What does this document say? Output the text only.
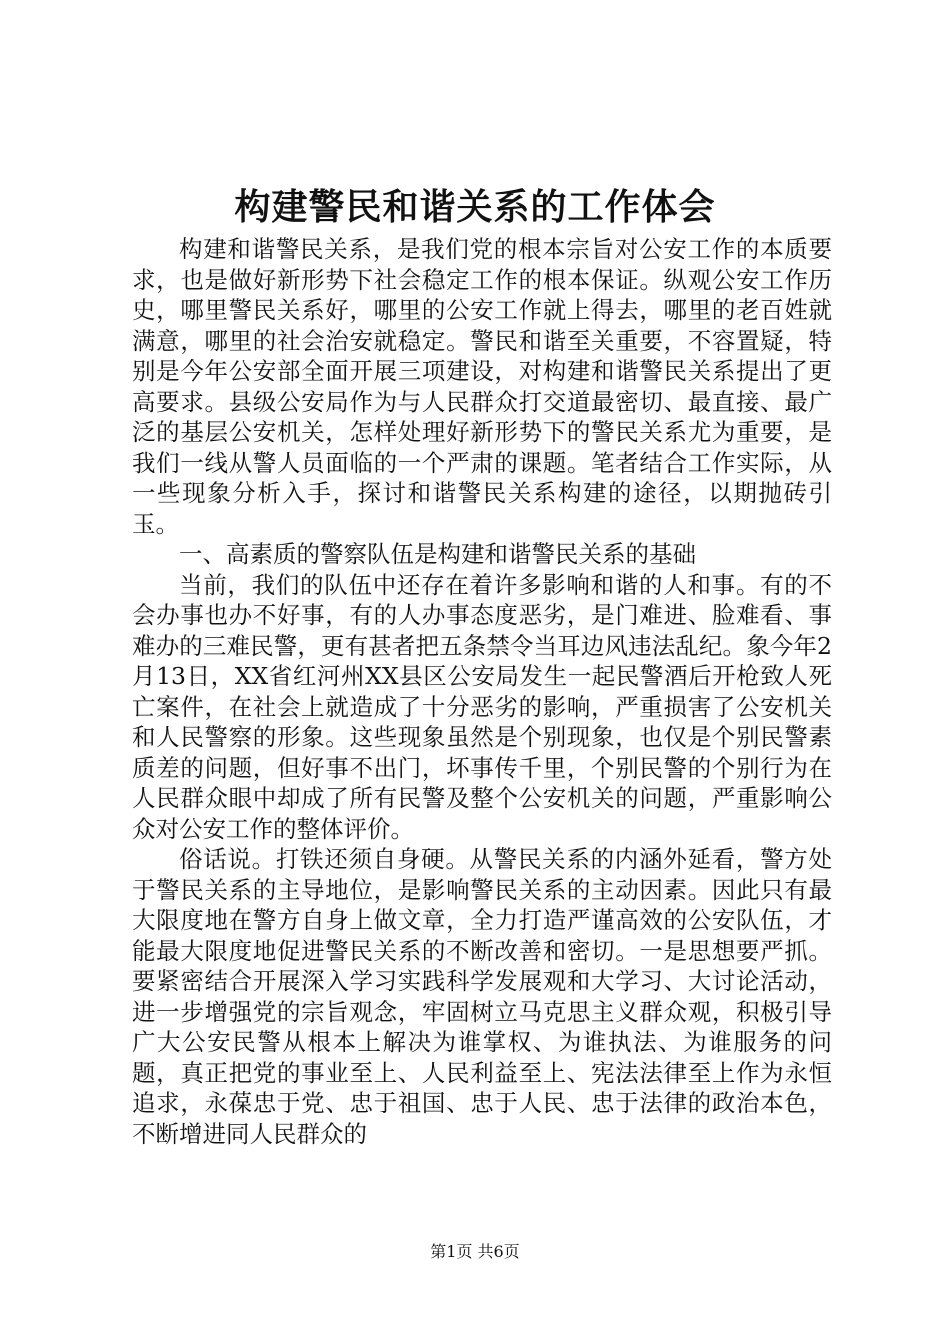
构建警民和谐关系的工作体会

构建和谐警民关系，是我们党的根本宗旨对公安工作的本质要求，也是做好新形势下社会稳定工作的根本保证。纵观公安工作历史，哪里警民关系好，哪里的公安工作就上得去，哪里的老百姓就满意，哪里的社会治安就稳定。警民和谐至关重要，不容置疑，特别是今年公安部全面开展三项建设，对构建和谐警民关系提出了更高要求。县级公安局作为与人民群众打交道最密切、最直接、最广泛的基层公安机关，怎样处理好新形势下的警民关系尤为重要，是我们一线从警人员面临的一个严肃的课题。笔者结合工作实际，从一些现象分析入手，探讨和谐警民关系构建的途径，以期抛砖引玉。

一、高素质的警察队伍是构建和谐警民关系的基础

当前，我们的队伍中还存在着许多影响和谐的人和事。有的不会办事也办不好事，有的人办事态度恶劣，是门难进、脸难看、事难办的三难民警，更有甚者把五条禁令当耳边风违法乱纪。象今年2月13日，XX省红河州XX县区公安局发生一起民警酒后开枪致人死亡案件，在社会上就造成了十分恶劣的影响，严重损害了公安机关和人民警察的形象。这些现象虽然是个别现象，也仅是个别民警素质差的问题，但好事不出门，坏事传千里，个别民警的个别行为在人民群众眼中却成了所有民警及整个公安机关的问题，严重影响公众对公安工作的整体评价。

俗话说。打铁还须自身硬。从警民关系的内涵外延看，警方处于警民关系的主导地位，是影响警民关系的主动因素。因此只有最大限度地在警方自身上做文章，全力打造严谨高效的公安队伍，才能最大限度地促进警民关系的不断改善和密切。一是思想要严抓。要紧密结合开展深入学习实践科学发展观和大学习、大讨论活动，进一步增强党的宗旨观念，牢固树立马克思主义群众观，积极引导广大公安民警从根本上解决为谁掌权、为谁执法、为谁服务的问题，真正把党的事业至上、人民利益至上、宪法法律至上作为永恒追求，永葆忠于党、忠于祖国、忠于人民、忠于法律的政治本色，不断增进同人民群众的

第1页 共6页
